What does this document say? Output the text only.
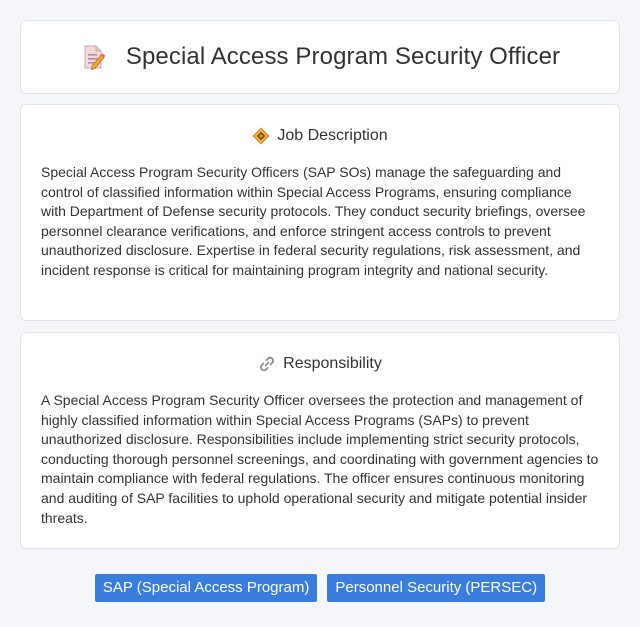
Special Access Program Security Officer
Job Description

Special Access Program Security Officers (SAP SOs) manage the safeguarding and control of classified information within Special Access Programs, ensuring compliance with Department of Defense security protocols. They conduct security briefings, oversee personnel clearance verifications, and enforce stringent access controls to prevent unauthorized disclosure. Expertise in federal security regulations, risk assessment, and incident response is critical for maintaining program integrity and national security.

Responsibility

A Special Access Program Security Officer oversees the protection and management of highly classified information within Special Access Programs (SAPs) to prevent unauthorized disclosure. Responsibilities include implementing strict security protocols, conducting thorough personnel screenings, and coordinating with government agencies to maintain compliance with federal regulations. The officer ensures continuous monitoring and auditing of SAP facilities to uphold operational security and mitigate potential insider threats.

SAP (Special Access Program)	Personnel Security (PERSEC)
